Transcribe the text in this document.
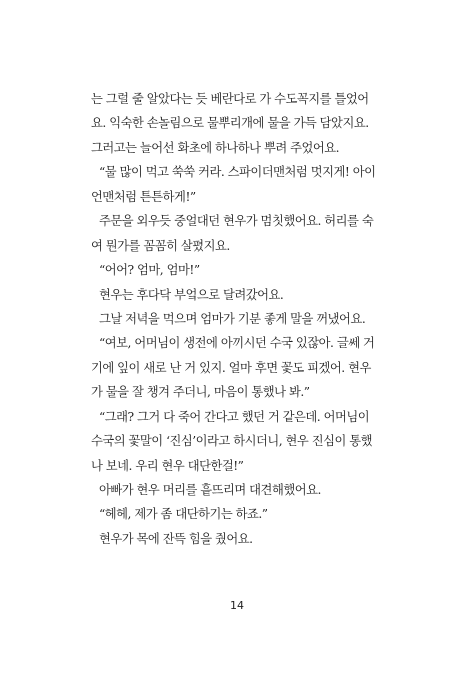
는 그럴 줄 알았다는 듯 베란다로 가 수도꼭지를 틀었어
요. 익숙한 손놀림으로 물뿌리개에 물을 가득 담았지요.
그러고는 늘어선 화초에 하나하나 뿌려 주었어요.
“물 많이 먹고 쑥쑥 커라. 스파이더맨처럼 멋지게! 아이
언맨처럼 튼튼하게!”
주문을 외우듯 중얼대던 현우가 멈칫했어요. 허리를 숙
여 뭔가를 꼼꼼히 살폈지요.
“어어? 엄마, 엄마!”
현우는 후다닥 부엌으로 달려갔어요.
그날 저녁을 먹으며 엄마가 기분 좋게 말을 꺼냈어요.
“여보, 어머님이 생전에 아끼시던 수국 있잖아. 글쎄 거
기에 잎이 새로 난 거 있지. 얼마 후면 꽃도 피겠어. 현우
가 물을 잘 챙겨 주더니, 마음이 통했나 봐.”
“그래? 그거 다 죽어 간다고 했던 거 같은데. 어머님이
수국의 꽃말이 ‘진심’이라고 하시더니, 현우 진심이 통했
나 보네. 우리 현우 대단한걸!”
아빠가 현우 머리를 흩뜨리며 대견해했어요.
“헤헤, 제가 좀 대단하기는 하죠.”
현우가 목에 잔뜩 힘을 줬어요.
14
